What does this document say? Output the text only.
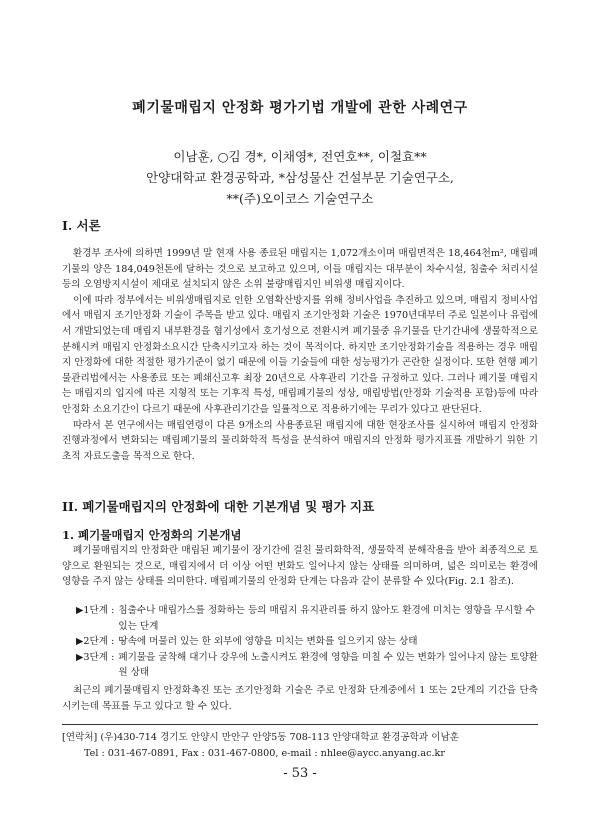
폐기물매립지 안정화 평가기법 개발에 관한 사례연구
이남훈, ○김 경*, 이채영*, 전연호**, 이철효**
안양대학교 환경공학과, *삼성물산 건설부문 기술연구소,
**(주)오이코스 기술연구소
I. 서론

환경부 조사에 의하면 1999년 말 현재 사용 종료된 매립지는 1,072개소이며 매립면적은 18,464천m², 매립폐기물의 양은 184,049천톤에 달하는 것으로 보고하고 있으며, 이들 매립지는 대부분이 차수시설, 침출수 처리시설 등의 오염방지시설이 제대로 설치되지 않은 소위 불량매립지인 비위생 매립지이다.

이에 따라 정부에서는 비위생매립지로 인한 오염확산방지를 위해 정비사업을 추진하고 있으며, 매립지 정비사업에서 매립지 조기안정화 기술이 주목을 받고 있다. 매립지 조기안정화 기술은 1970년대부터 주로 일본이나 유럽에서 개발되었는데 매립지 내부환경을 혐기성에서 호기성으로 전환시켜 폐기물중 유기물을 단기간내에 생물학적으로 분해시켜 매립지 안정화소요시간 단축시키고자 하는 것이 목적이다. 하지만 조기안정화기술을 적용하는 경우 매립지 안정화에 대한 적절한 평가기준이 없기 때문에 이들 기술들에 대한 성능평가가 곤란한 실정이다. 또한 현행 폐기물관리법에서는 사용종료 또는 폐쇄신고후 최장 20년으로 사후관리 기간을 규정하고 있다. 그러나 폐기물 매립지는 매립지의 입지에 따른 지형적 또는 기후적 특성, 매립폐기물의 성상, 매립방법(안정화 기술적용 포함)등에 따라 안정화 소요기간이 다르기 때문에 사후관리기간을 일률적으로 적용하기에는 무리가 있다고 판단된다.

따라서 본 연구에서는 매립연령이 다른 9개소의 사용종료된 매립지에 대한 현장조사를 실시하여 매립지 안정화 진행과정에서 변화되는 매립폐기물의 물리화학적 특성을 분석하여 매립지의 안정화 평가지표를 개발하기 위한 기초적 자료도출을 목적으로 한다.

II. 폐기물매립지의 안정화에 대한 기본개념 및 평가 지표
1. 폐기물매립지 안정화의 기본개념

폐기물매립지의 안정화란 매립된 폐기물이 장기간에 걸친 물리화학적, 생물학적 분해작용을 받아 최종적으로 토양으로 환원되는 것으로, 매립지에서 더 이상 어떤 변화도 일어나지 않는 상태를 의미하며, 넓은 의미로는 환경에 영향을 주지 않는 상태를 의미한다. 매립폐기물의 안정화 단계는 다음과 같이 분류할 수 있다(Fig. 2.1 참조).

▶1단계 : 침출수나 매립가스를 정화하는 등의 매립지 유지관리를 하지 않아도 환경에 미치는 영향을 무시할 수 있는 단계
▶2단계 : 땅속에 머물러 있는 한 외부에 영향을 미치는 변화를 일으키지 않는 상태
▶3단계 : 폐기물을 굴착해 대기나 강우에 노출시켜도 환경에 영향을 미칠 수 있는 변화가 일어나지 않는 토양환원 상태

최근의 폐기물매립지 안정화촉진 또는 조기안정화 기술은 주로 안정화 단계중에서 1 또는 2단계의 기간을 단축시키는데 목표를 두고 있다고 할 수 있다.

[연락처] (우)430-714 경기도 안양시 만안구 안양5동 708-113 안양대학교 환경공학과 이남훈
Tel : 031-467-0891, Fax : 031-467-0800, e-mail : nhlee@aycc.anyang.ac.kr
- 53 -
